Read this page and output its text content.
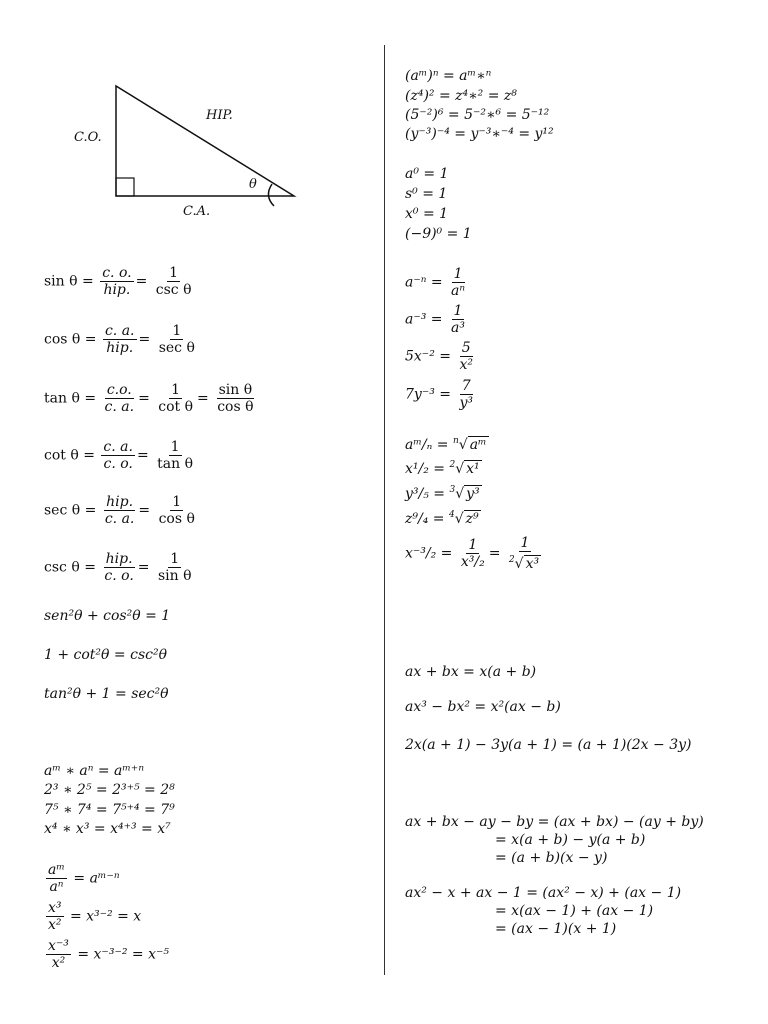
HIP.
C.O.
C.A.
θ
$\sin \theta = \frac{c. o.}{\text{hip.}} = \frac{1}{\text{csc θ}}$
$\cos \theta = \frac{c. a.}{\text{hip.}} = \frac{1}{\text{sec θ}}$
$\tan \theta = \frac{c.o.}{c. a.} = \frac{1}{\text{cot θ}} = \frac{\text{sin θ}}{\text{cos θ}}$
$\cot \theta = \frac{c. a.}{c. o.} = \frac{1}{\text{tan θ}}$
$\sec \theta = \frac{\text{hip.}}{c. a.} = \frac{1}{\text{cos θ}}$
$\csc \theta = \frac{\text{hip.}}{c. o.} = \frac{1}{\text{sin θ}}$
sen²θ + cos²θ = 1
1 + cot²θ = csc²θ
tan²θ + 1 = sec²θ
aᵐ ∗ aⁿ = aᵐ⁺ⁿ
2³ ∗ 2⁵ = 2³⁺⁵ = 2⁸
7⁵ ∗ 7⁴ = 7⁵⁺⁴ = 7⁹
x⁴ ∗ x³ = x⁴⁺³ = x⁷
$\frac{\text{aᵐ}}{\text{aⁿ}}$ = aᵐ⁻ⁿ
$\frac{\text{x³}}{\text{x²}} = x^{3-2} = x$
$\frac{\text{x⁻³}}{\text{x²}} = x^{-3-2} = x^{-5}$
(aᵐ)ⁿ = aᵐ∗ⁿ
(z⁴)² = z⁴∗² = z⁸
(5⁻²)⁶ = 5⁻²∗⁶ = 5⁻¹²
(y⁻³)⁻⁴ = y⁻³∗⁻⁴ = y¹²
a⁰ = 1
s⁰ = 1
x⁰ = 1
(−9)⁰ = 1
$a^{-n} = \frac{1}{\text{aⁿ}}$
$a^{-3} = \frac{1}{\text{a³}}$
$5x^{-2} = \frac{5}{\text{x²}}$
$7y^{-3} = \frac{7}{\text{y³}}$
aᵐ/ₙ = $^n$√ aᵐ
x¹/₂ = $^2$√ x¹
y³/₅ = $^3$√ y³
z⁹/₄ = $^4$√ z⁹
$x^{-3}/_2 = \frac{1}{\text{x³/₂}} = \frac{1}{^2√ x^3}$
ax + bx = x(a + b)
ax³ − bx² = x²(ax − b)
2x(a + 1) − 3y(a + 1) = (a + 1)(2x − 3y)
ax + bx − ay − by = (ax + bx) − (ay + by)
= x(a + b) − y(a + b)
= (a + b)(x − y)
ax² − x + ax − 1 = (ax² − x) + (ax − 1)
= x(ax − 1) + (ax − 1)
= (ax − 1)(x + 1)
